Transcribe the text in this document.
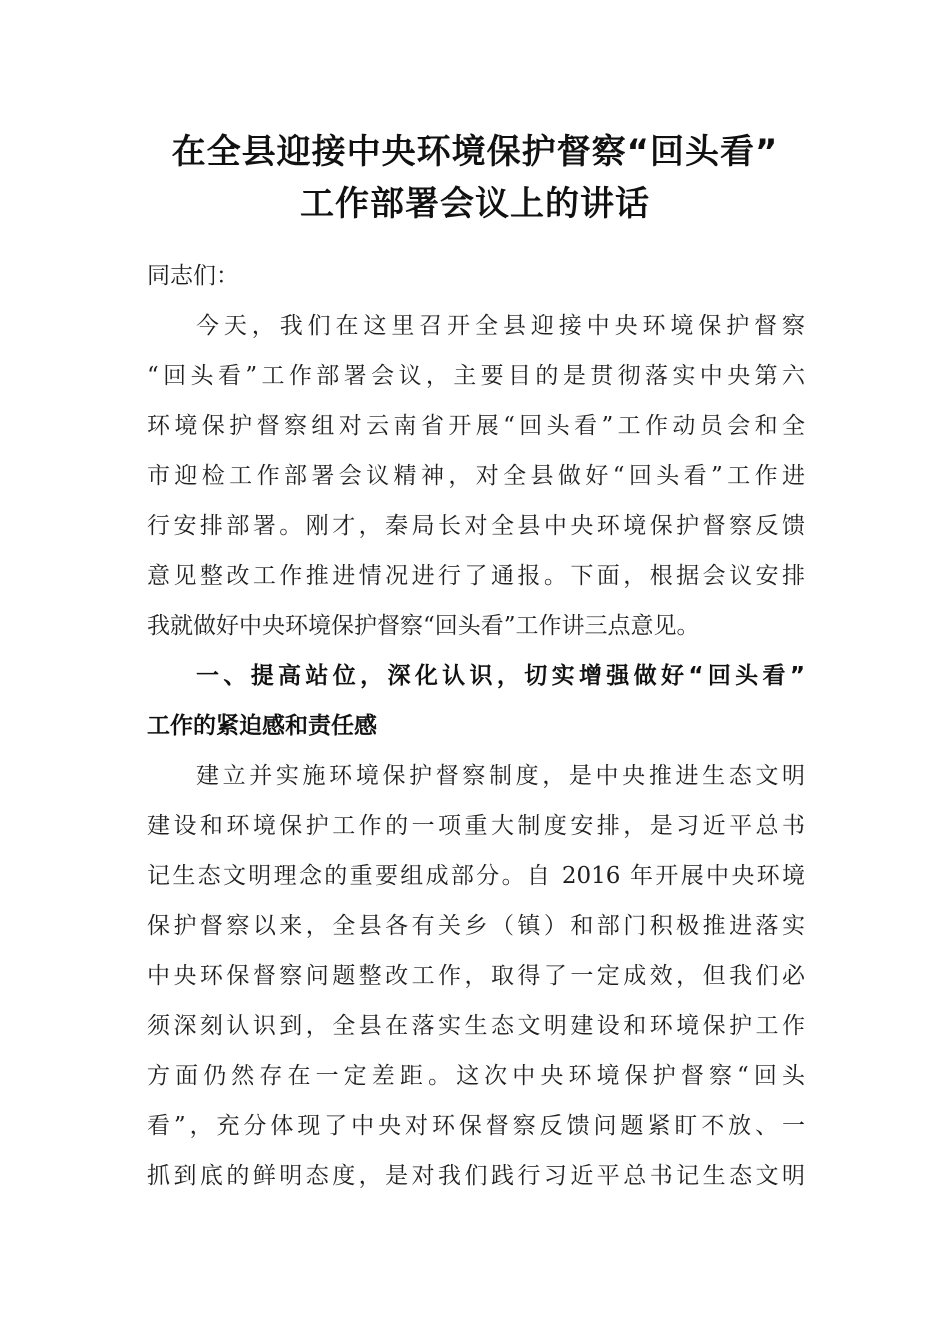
在全县迎接中央环境保护督察“回头看”
工作部署会议上的讲话
同志们：
今天，我们在这里召开全县迎接中央环境保护督察
“回头看”工作部署会议，主要目的是贯彻落实中央第六
环境保护督察组对云南省开展“回头看”工作动员会和全
市迎检工作部署会议精神，对全县做好“回头看”工作进
行安排部署。刚才，秦局长对全县中央环境保护督察反馈
意见整改工作推进情况进行了通报。下面，根据会议安排
我就做好中央环境保护督察“回头看”工作讲三点意见。
一、提高站位，深化认识，切实增强做好“回头看”
工作的紧迫感和责任感
建立并实施环境保护督察制度，是中央推进生态文明
建设和环境保护工作的一项重大制度安排，是习近平总书
记生态文明理念的重要组成部分。自 2016 年开展中央环境
保护督察以来，全县各有关乡（镇）和部门积极推进落实
中央环保督察问题整改工作，取得了一定成效，但我们必
须深刻认识到，全县在落实生态文明建设和环境保护工作
方面仍然存在一定差距。这次中央环境保护督察“回头
看”，充分体现了中央对环保督察反馈问题紧盯不放、一
抓到底的鲜明态度，是对我们践行习近平总书记生态文明
